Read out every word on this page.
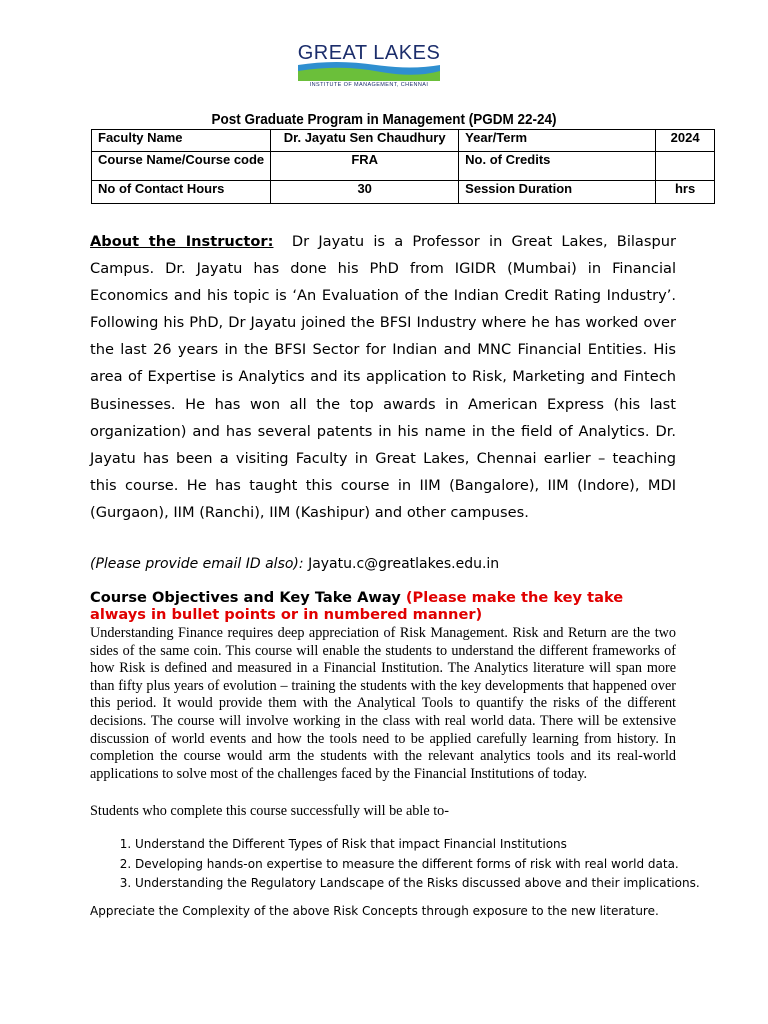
GREAT LAKES
INSTITUTE OF MANAGEMENT, CHENNAI
Post Graduate Program in Management (PGDM 22-24)
Faculty Name	Dr. Jayatu Sen Chaudhury	Year/Term	2024
Course Name/Course code	FRA	No. of Credits	
No of Contact Hours	30	Session Duration	hrs
About the Instructor: Dr Jayatu is a Professor in Great Lakes, Bilaspur Campus. Dr. Jayatu has done his PhD from IGIDR (Mumbai) in Financial Economics and his topic is ‘An Evaluation of the Indian Credit Rating Industry’. Following his PhD, Dr Jayatu joined the BFSI Industry where he has worked over the last 26 years in the BFSI Sector for Indian and MNC Financial Entities. His area of Expertise is Analytics and its application to Risk, Marketing and Fintech Businesses. He has won all the top awards in American Express (his last organization) and has several patents in his name in the field of Analytics. Dr. Jayatu has been a visiting Faculty in Great Lakes, Chennai earlier – teaching this course. He has taught this course in IIM (Bangalore), IIM (Indore), MDI (Gurgaon), IIM (Ranchi), IIM (Kashipur) and other campuses.
(Please provide email ID also): Jayatu.c@greatlakes.edu.in
Course Objectives and Key Take Away (Please make the key take always in bullet points or in numbered manner)
Understanding Finance requires deep appreciation of Risk Management. Risk and Return are the two sides of the same coin. This course will enable the students to understand the different frameworks of how Risk is defined and measured in a Financial Institution. The Analytics literature will span more than fifty plus years of evolution – training the students with the key developments that happened over this period. It would provide them with the Analytical Tools to quantify the risks of the different decisions. The course will involve working in the class with real world data. There will be extensive discussion of world events and how the tools need to be applied carefully learning from history. In completion the course would arm the students with the relevant analytics tools and its real-world applications to solve most of the challenges faced by the Financial Institutions of today.
Students who complete this course successfully will be able to-
1. Understand the Different Types of Risk that impact Financial Institutions
2. Developing hands-on expertise to measure the different forms of risk with real world data.
3. Understanding the Regulatory Landscape of the Risks discussed above and their implications.
Appreciate the Complexity of the above Risk Concepts through exposure to the new literature.
